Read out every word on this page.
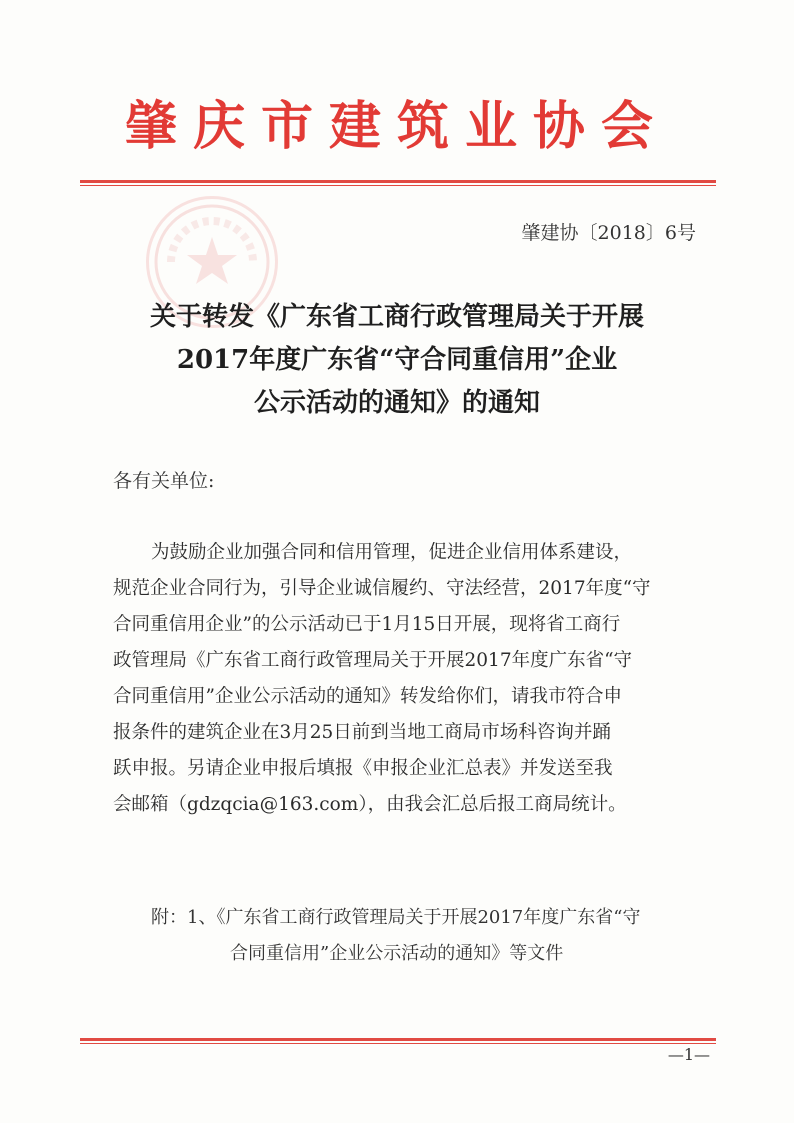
肇庆市建筑业协会
肇建协〔2018〕6号
关于转发《广东省工商行政管理局关于开展
2017年度广东省“守合同重信用”企业
公示活动的通知》的通知
各有关单位:
为鼓励企业加强合同和信用管理，促进企业信用体系建设，
规范企业合同行为，引导企业诚信履约、守法经营，2017年度“守
合同重信用企业”的公示活动已于1月15日开展，现将省工商行
政管理局《广东省工商行政管理局关于开展2017年度广东省“守
合同重信用”企业公示活动的通知》转发给你们，请我市符合申
报条件的建筑企业在3月25日前到当地工商局市场科咨询并踊
跃申报。另请企业申报后填报《申报企业汇总表》并发送至我
会邮箱（gdzqcia@163.com），由我会汇总后报工商局统计。
附：1、《广东省工商行政管理局关于开展2017年度广东省“守
合同重信用”企业公示活动的通知》等文件
—1—
